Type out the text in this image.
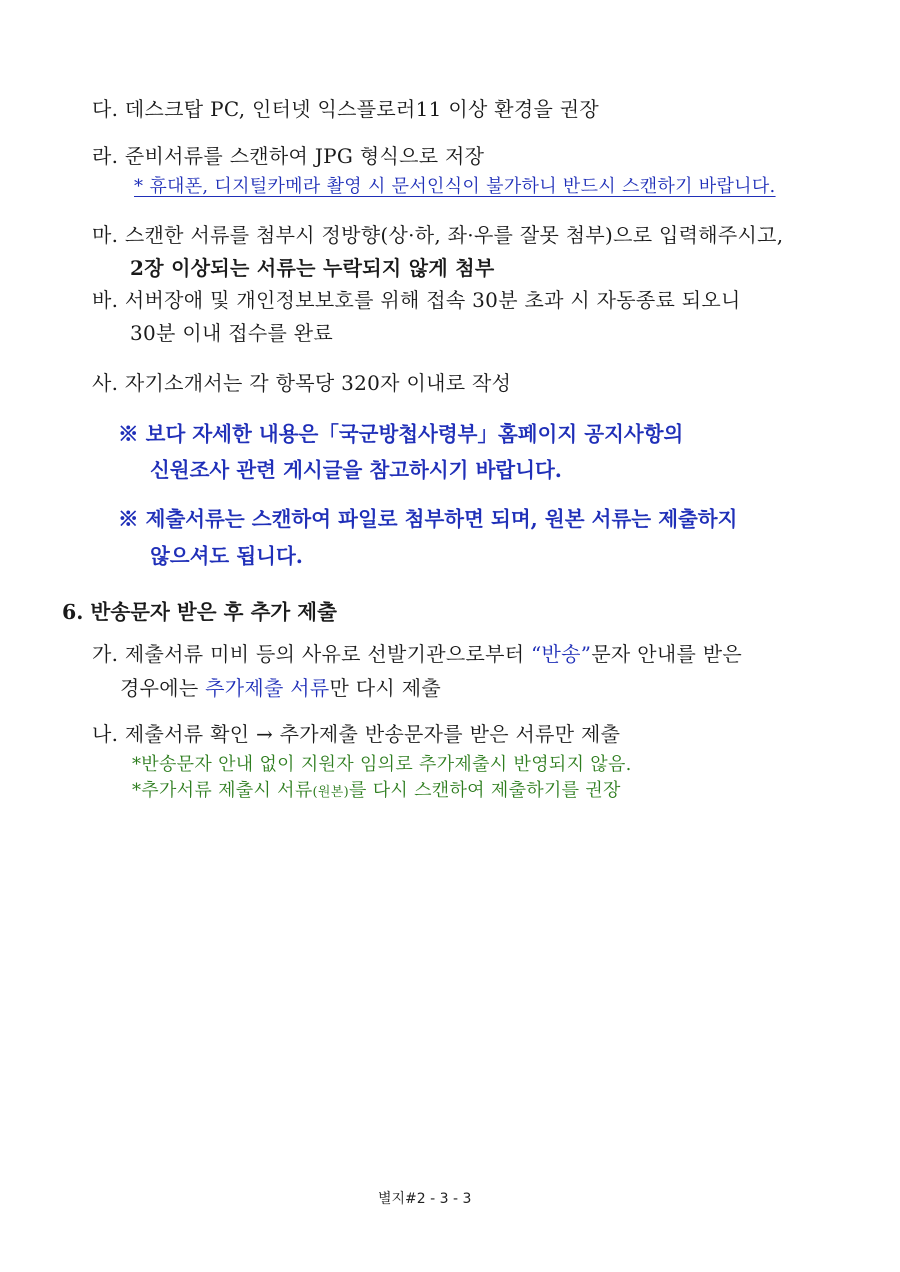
다. 데스크탑 PC, 인터넷 익스플로러11 이상 환경을 권장
라. 준비서류를 스캔하여 JPG 형식으로 저장
* 휴대폰, 디지털카메라 촬영 시 문서인식이 불가하니 반드시 스캔하기 바랍니다.
마. 스캔한 서류를 첨부시 정방향(상·하, 좌·우를 잘못 첨부)으로 입력해주시고,
2장 이상되는 서류는 누락되지 않게 첨부
바. 서버장애 및 개인정보보호를 위해 접속 30분 초과 시 자동종료 되오니
30분 이내 접수를 완료
사. 자기소개서는 각 항목당 320자 이내로 작성
※ 보다 자세한 내용은「국군방첩사령부」홈페이지 공지사항의
신원조사 관련 게시글을 참고하시기 바랍니다.
※ 제출서류는 스캔하여 파일로 첨부하면 되며, 원본 서류는 제출하지
않으셔도 됩니다.
6. 반송문자 받은 후 추가 제출
가. 제출서류 미비 등의 사유로 선발기관으로부터 “반송”문자 안내를 받은
경우에는 추가제출 서류만 다시 제출
나. 제출서류 확인 → 추가제출 반송문자를 받은 서류만 제출
*반송문자 안내 없이 지원자 임의로 추가제출시 반영되지 않음.
*추가서류 제출시 서류(원본)를 다시 스캔하여 제출하기를 권장
별지#2 - 3 - 3
